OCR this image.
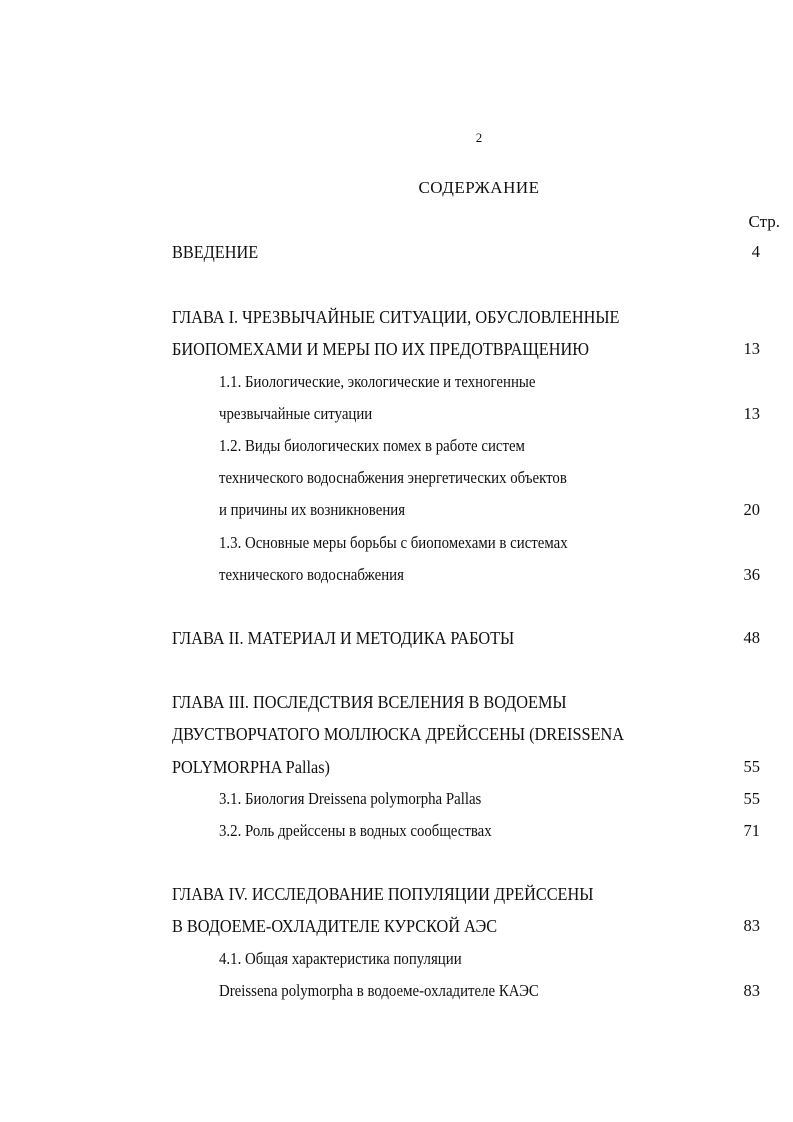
2
СОДЕРЖАНИЕ
Стр.
ВВЕДЕНИЕ	4
ГЛАВА I. ЧРЕЗВЫЧАЙНЫЕ СИТУАЦИИ, ОБУСЛОВЛЕННЫЕ
БИОПОМЕХАМИ И МЕРЫ ПО ИХ ПРЕДОТВРАЩЕНИЮ	13
1.1. Биологические, экологические и техногенные
чрезвычайные ситуации	13
1.2. Виды биологических помех в работе систем
технического водоснабжения энергетических объектов
и причины их возникновения	20
1.3. Основные меры борьбы с биопомехами в системах
технического водоснабжения	36
ГЛАВА II. МАТЕРИАЛ И МЕТОДИКА РАБОТЫ	48
ГЛАВА III. ПОСЛЕДСТВИЯ ВСЕЛЕНИЯ В ВОДОЕМЫ
ДВУСТВОРЧАТОГО МОЛЛЮСКА ДРЕЙССЕНЫ (DREISSENA
POLYMORPHA Pallas)	55
3.1. Биология Dreissena polymorpha Pallas	55
3.2. Роль дрейссены в водных сообществах	71
ГЛАВА IV. ИССЛЕДОВАНИЕ ПОПУЛЯЦИИ ДРЕЙССЕНЫ
В ВОДОЕМЕ-ОХЛАДИТЕЛЕ КУРСКОЙ АЭС	83
4.1. Общая характеристика популяции
Dreissena polymorpha в водоеме-охладителе КАЭС	83
